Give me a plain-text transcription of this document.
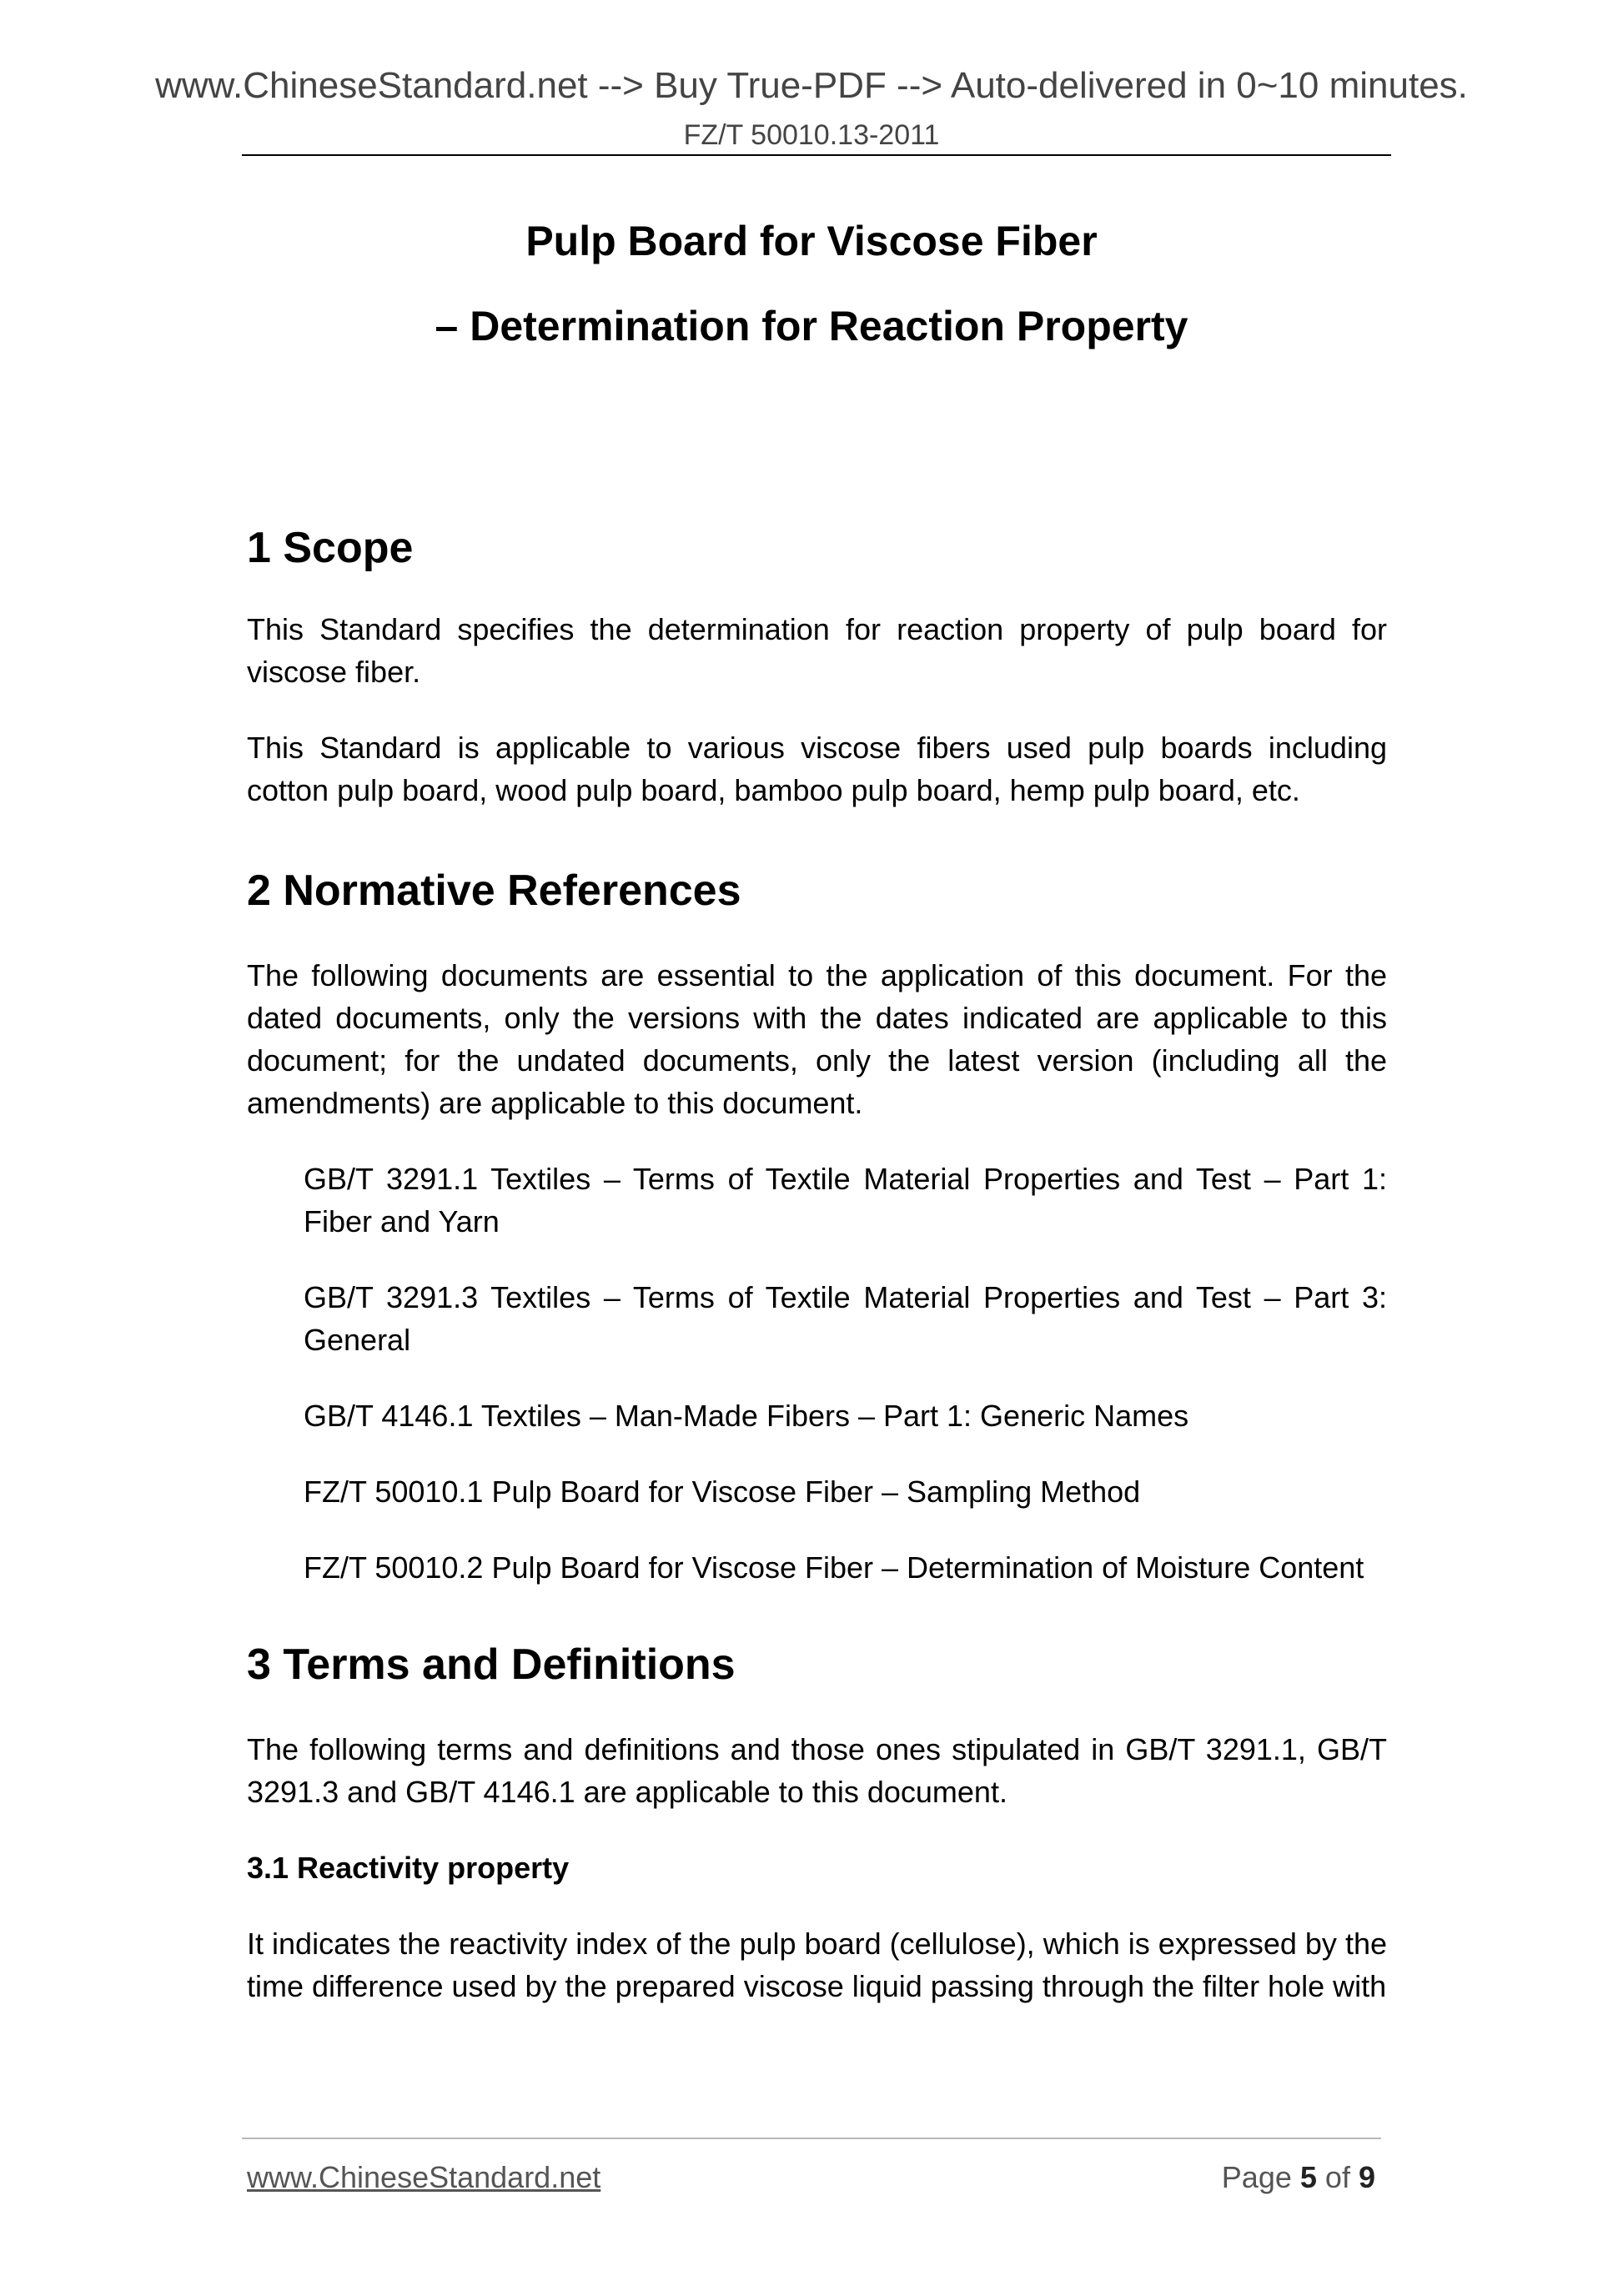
www.ChineseStandard.net --> Buy True-PDF --> Auto-delivered in 0~10 minutes.
FZ/T 50010.13-2011
Pulp Board for Viscose Fiber
– Determination for Reaction Property
1 Scope

This Standard specifies the determination for reaction property of pulp board for viscose fiber.

This Standard is applicable to various viscose fibers used pulp boards including cotton pulp board, wood pulp board, bamboo pulp board, hemp pulp board, etc.

2 Normative References

The following documents are essential to the application of this document. For the dated documents, only the versions with the dates indicated are applicable to this document; for the undated documents, only the latest version (including all the amendments) are applicable to this document.

GB/T 3291.1 Textiles – Terms of Textile Material Properties and Test – Part 1: Fiber and Yarn

GB/T 3291.3 Textiles – Terms of Textile Material Properties and Test – Part 3: General

GB/T 4146.1 Textiles – Man-Made Fibers – Part 1: Generic Names

FZ/T 50010.1 Pulp Board for Viscose Fiber – Sampling Method

FZ/T 50010.2 Pulp Board for Viscose Fiber – Determination of Moisture Content

3 Terms and Definitions

The following terms and definitions and those ones stipulated in GB/T 3291.1, GB/T 3291.3 and GB/T 4146.1 are applicable to this document.

3.1 Reactivity property

It indicates the reactivity index of the pulp board (cellulose), which is expressed by the time difference used by the prepared viscose liquid passing through the filter hole with

www.ChineseStandard.net	Page 5 of 9
